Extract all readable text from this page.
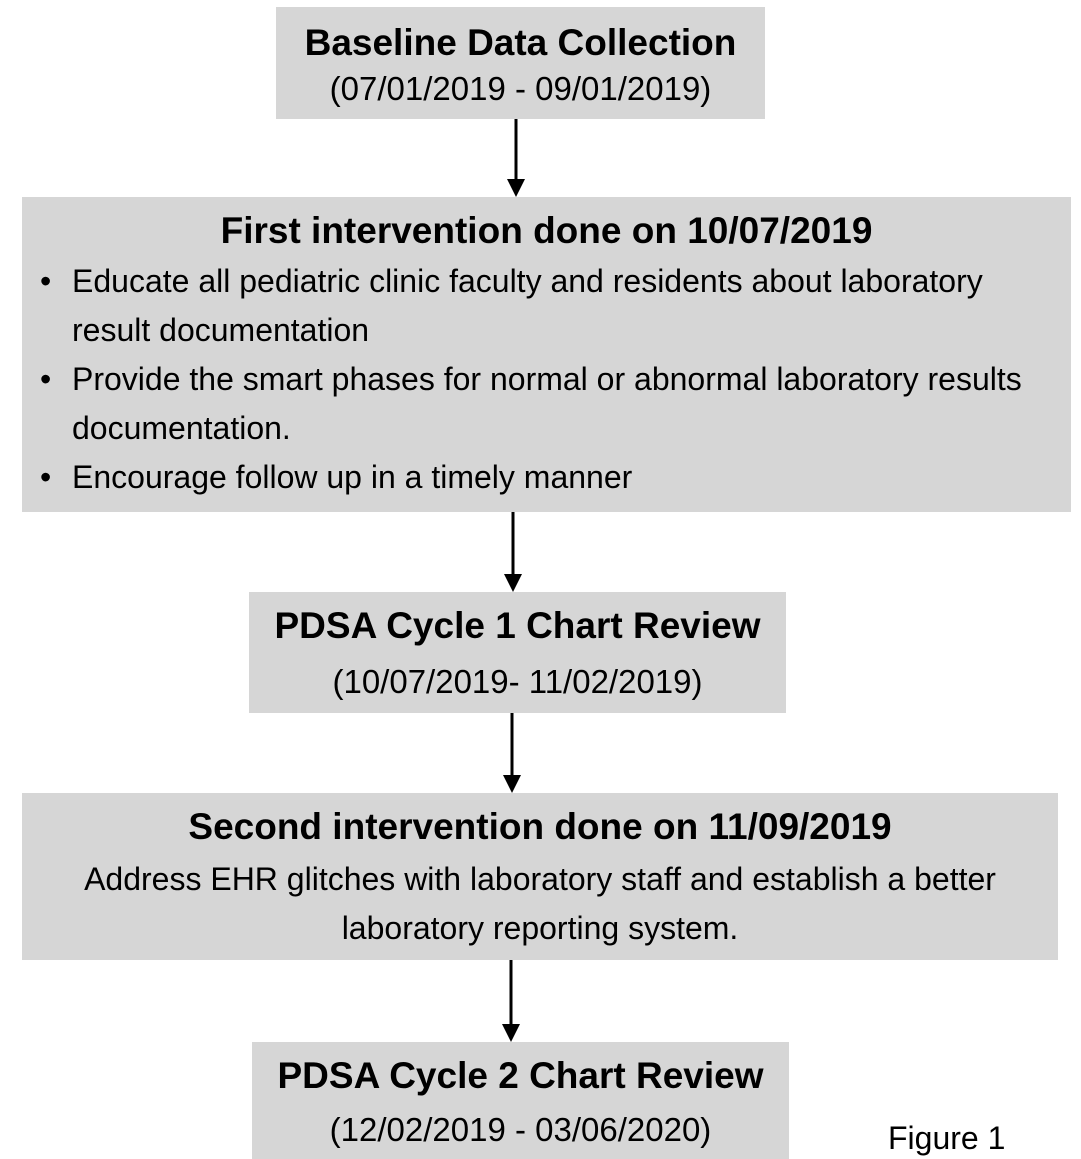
Baseline Data Collection
(07/01/2019 - 09/01/2019)
First intervention done on 10/07/2019
• Educate all pediatric clinic faculty and residents about laboratory result documentation
• Provide the smart phases for normal or abnormal laboratory results documentation.
• Encourage follow up in a timely manner
PDSA Cycle 1 Chart Review
(10/07/2019- 11/02/2019)
Second intervention done on 11/09/2019
Address EHR glitches with laboratory staff and establish a better laboratory reporting system.
PDSA Cycle 2 Chart Review
(12/02/2019 - 03/06/2020)	Figure 1
